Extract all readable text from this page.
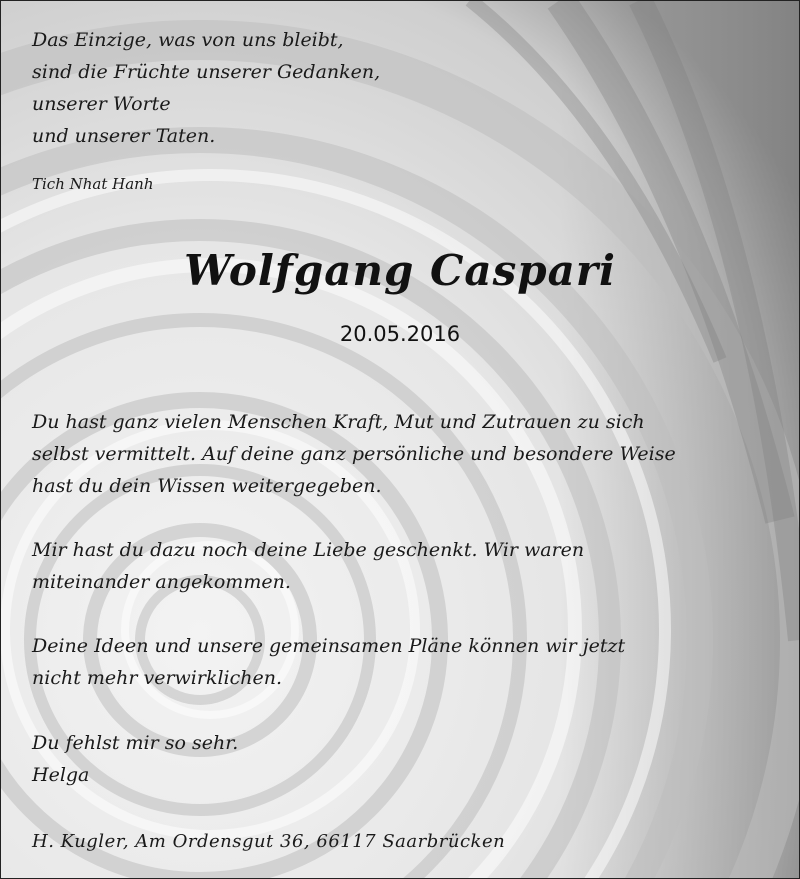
Das Einzige, was von uns bleibt,
sind die Früchte unserer Gedanken,
unserer Worte
und unserer Taten.
Tich Nhat Hanh
Wolfgang Caspari
20.05.2016
Du hast ganz vielen Menschen Kraft, Mut und Zutrauen zu sich
selbst vermittelt. Auf deine ganz persönliche und besondere Weise
hast du dein Wissen weitergegeben.
Mir hast du dazu noch deine Liebe geschenkt. Wir waren
miteinander angekommen.
Deine Ideen und unsere gemeinsamen Pläne können wir jetzt
nicht mehr verwirklichen.
Du fehlst mir so sehr.
Helga
H. Kugler, Am Ordensgut 36, 66117 Saarbrücken
